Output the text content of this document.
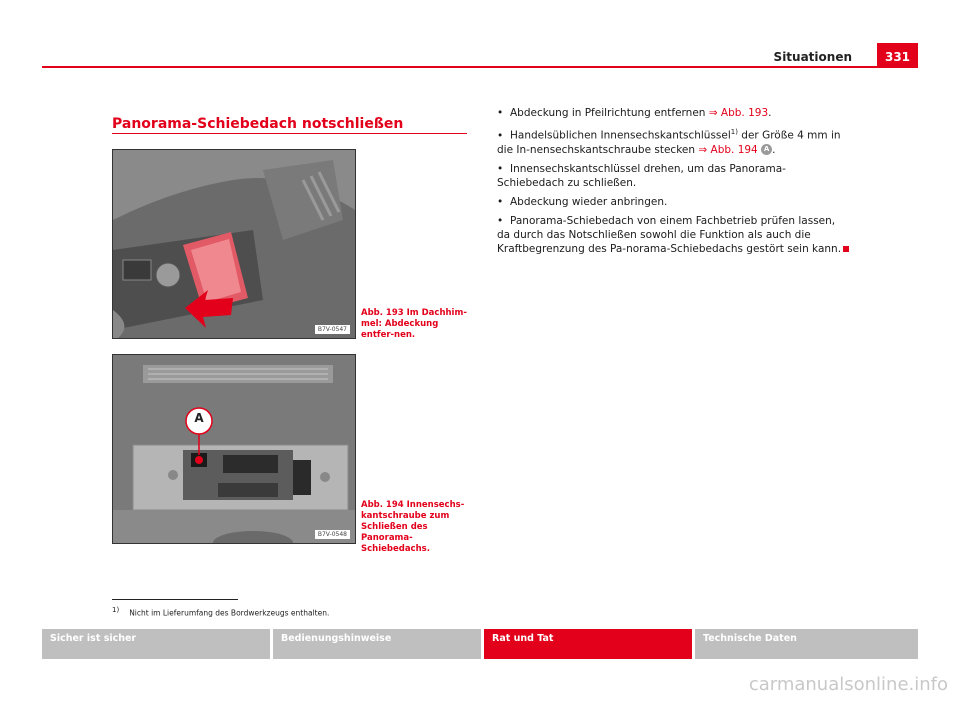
Situationen	331
Panorama-Schiebedach notschließen
B7V-0547
Abb. 193 Im Dachhim-mel: Abdeckung entfer-nen.
A
B7V-0548
Abb. 194 Innensechs-kantschraube zum Schließen des Panorama-Schiebedachs.
• Abdeckung in Pfeilrichtung entfernen ⇒ Abb. 193.
• Handelsüblichen Innensechskantschlüssel$^{1)}$ der Größe 4 mm in die In-nensechskantschraube stecken ⇒ Abb. 194 A .
• Innensechskantschlüssel drehen, um das Panorama-Schiebedach zu schließen.
• Abdeckung wieder anbringen.
• Panorama-Schiebedach von einem Fachbetrieb prüfen lassen, da durch das Notschließen sowohl die Funktion als auch die Kraftbegrenzung des Pa-norama-Schiebedachs gestört sein kann.
$^{1)}$ Nicht im Lieferumfang des Bordwerkzeugs enthalten.
Sicher ist sicher	Bedienungshinweise	Rat und Tat	Technische Daten
carmanualsonline.info
